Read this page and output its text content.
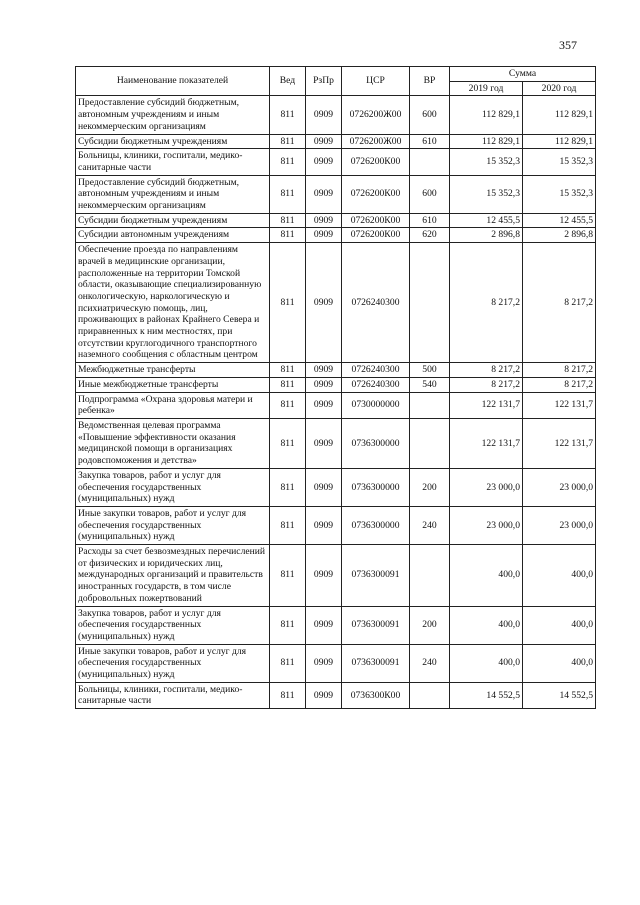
357
Наименование показателей	Вед	РзПр	ЦСР	ВР	Сумма	
					2019 год	2020 год
Предоставление субсидий бюджетным, автономным учреждениям и иным некоммерческим организациям	811	0909	0726200Ж00	600	112 829,1	112 829,1
Субсидии бюджетным учреждениям	811	0909	0726200Ж00	610	112 829,1	112 829,1
Больницы, клиники, госпитали, медико-санитарные части	811	0909	0726200К00		15 352,3	15 352,3
Предоставление субсидий бюджетным, автономным учреждениям и иным некоммерческим организациям	811	0909	0726200К00	600	15 352,3	15 352,3
Субсидии бюджетным учреждениям	811	0909	0726200К00	610	12 455,5	12 455,5
Субсидии автономным учреждениям	811	0909	0726200К00	620	2 896,8	2 896,8
Обеспечение проезда по направлениям врачей в медицинские организации, расположенные на территории Томской области, оказывающие специализированную онкологическую, наркологическую и психиатрическую помощь, лиц, проживающих в районах Крайнего Севера и приравненных к ним местностях, при отсутствии круглогодичного транспортного наземного сообщения с областным центром	811	0909	0726240300		8 217,2	8 217,2
Межбюджетные трансферты	811	0909	0726240300	500	8 217,2	8 217,2
Иные межбюджетные трансферты	811	0909	0726240300	540	8 217,2	8 217,2
Подпрограмма «Охрана здоровья матери и ребенка»	811	0909	0730000000		122 131,7	122 131,7
Ведомственная целевая программа «Повышение эффективности оказания медицинской помощи в организациях родовспоможения и детства»	811	0909	0736300000		122 131,7	122 131,7
Закупка товаров, работ и услуг для обеспечения государственных (муниципальных) нужд	811	0909	0736300000	200	23 000,0	23 000,0
Иные закупки товаров, работ и услуг для обеспечения государственных (муниципальных) нужд	811	0909	0736300000	240	23 000,0	23 000,0
Расходы за счет безвозмездных перечислений от физических и юридических лиц, международных организаций и правительств иностранных государств, в том числе добровольных пожертвований	811	0909	0736300091		400,0	400,0
Закупка товаров, работ и услуг для обеспечения государственных (муниципальных) нужд	811	0909	0736300091	200	400,0	400,0
Иные закупки товаров, работ и услуг для обеспечения государственных (муниципальных) нужд	811	0909	0736300091	240	400,0	400,0
Больницы, клиники, госпитали, медико-санитарные части	811	0909	0736300К00		14 552,5	14 552,5
